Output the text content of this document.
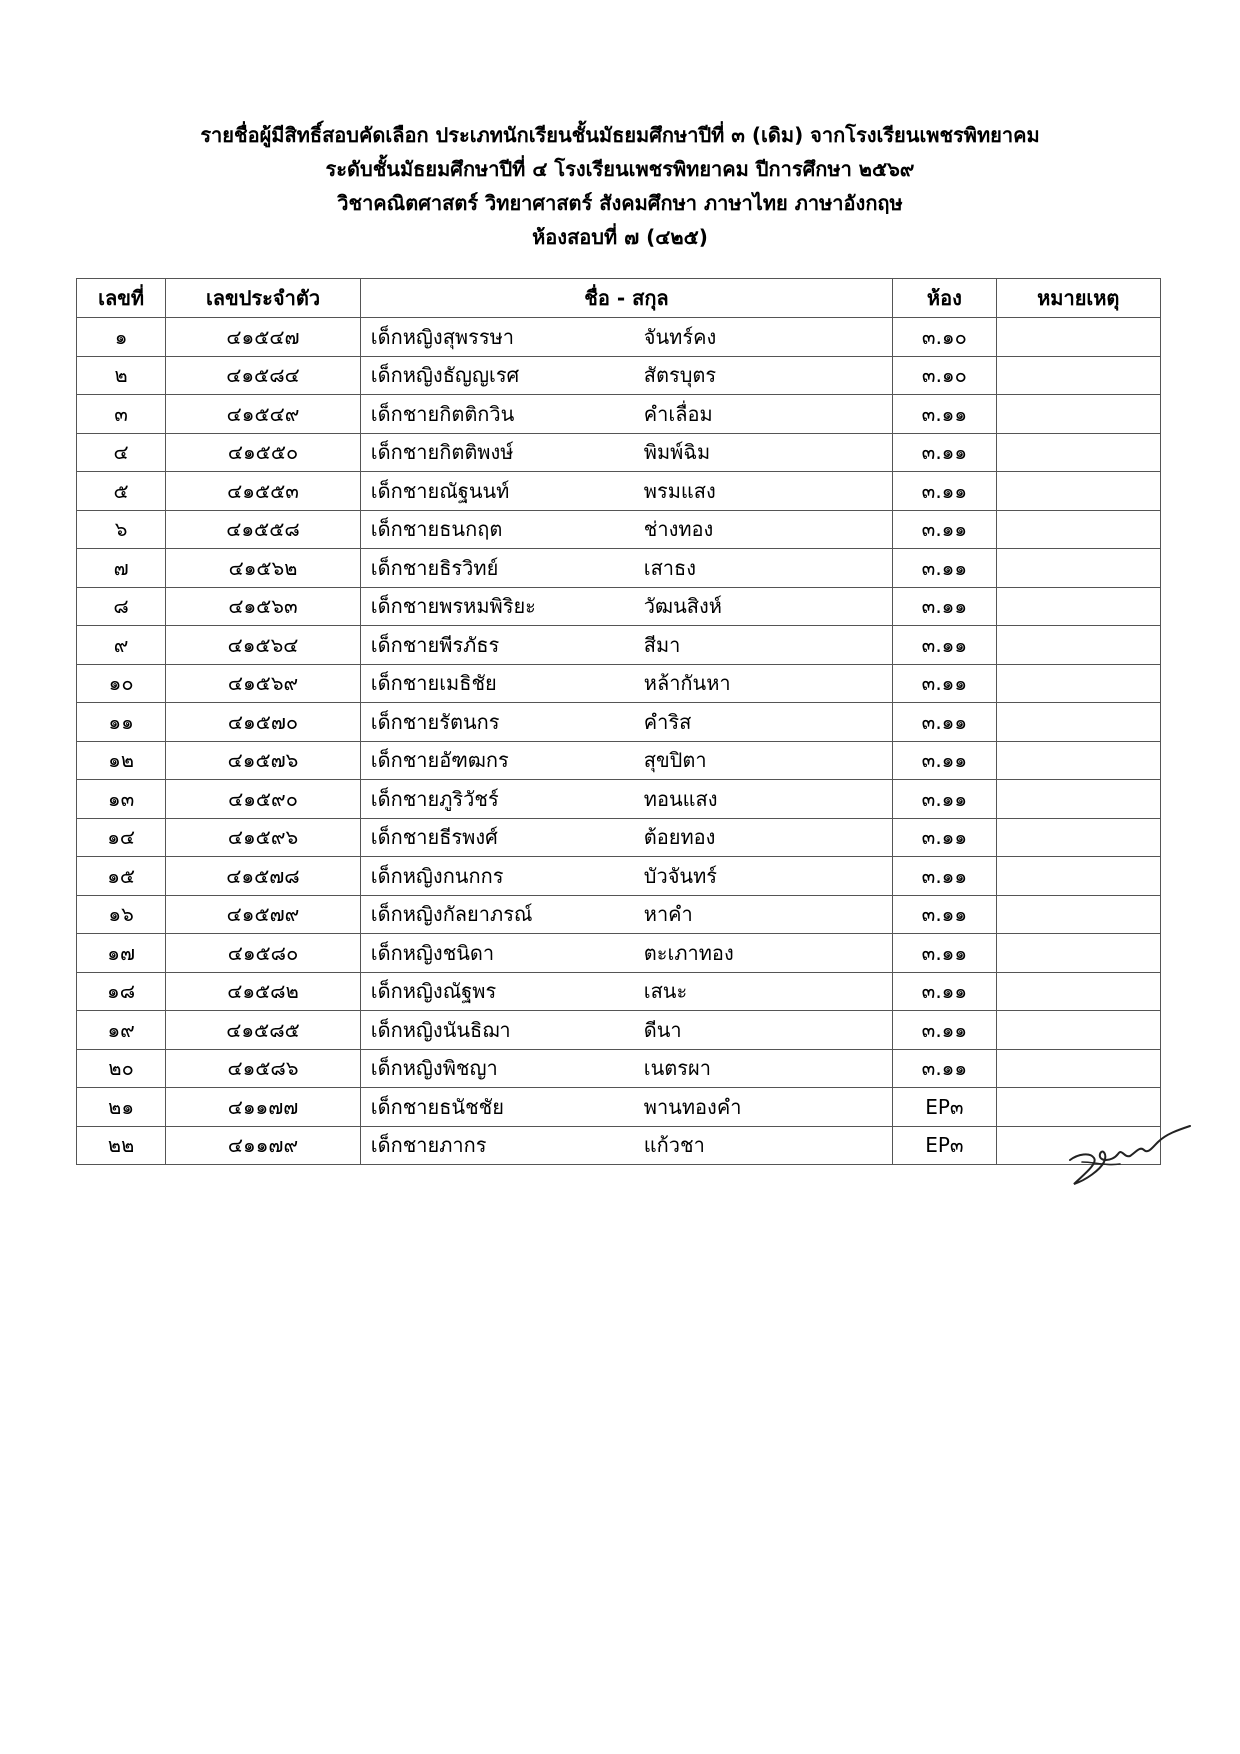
รายชื่อผู้มีสิทธิ์สอบคัดเลือก ประเภทนักเรียนชั้นมัธยมศึกษาปีที่ ๓ (เดิม) จากโรงเรียนเพชรพิทยาคม
ระดับชั้นมัธยมศึกษาปีที่ ๔ โรงเรียนเพชรพิทยาคม ปีการศึกษา ๒๕๖๙
วิชาคณิตศาสตร์ วิทยาศาสตร์ สังคมศึกษา ภาษาไทย ภาษาอังกฤษ
ห้องสอบที่ ๗ (๔๒๕)
เลขที่	เลขประจำตัว	ชื่อ - สกุล	ห้อง	หมายเหตุ
๑	๔๑๕๔๗	เด็กหญิงสุพรรษา จันทร์คง	๓.๑๐	
๒	๔๑๕๘๔	เด็กหญิงธัญญเรศ สัตรบุตร	๓.๑๐	
๓	๔๑๕๔๙	เด็กชายกิตติกวิน คำเลื่อม	๓.๑๑	
๔	๔๑๕๕๐	เด็กชายกิตติพงษ์ พิมพ์ฉิม	๓.๑๑	
๕	๔๑๕๕๓	เด็กชายณัฐนนท์ พรมแสง	๓.๑๑	
๖	๔๑๕๕๘	เด็กชายธนกฤต ช่างทอง	๓.๑๑	
๗	๔๑๕๖๒	เด็กชายธิรวิทย์ เสาธง	๓.๑๑	
๘	๔๑๕๖๓	เด็กชายพรหมพิริยะ วัฒนสิงห์	๓.๑๑	
๙	๔๑๕๖๔	เด็กชายพีรภัธร สีมา	๓.๑๑	
๑๐	๔๑๕๖๙	เด็กชายเมธิชัย หล้ากันหา	๓.๑๑	
๑๑	๔๑๕๗๐	เด็กชายรัตนกร คำริส	๓.๑๑	
๑๒	๔๑๕๗๖	เด็กชายอัฑฒกร สุขปิตา	๓.๑๑	
๑๓	๔๑๕๙๐	เด็กชายภูริวัชร์ ทอนแสง	๓.๑๑	
๑๔	๔๑๕๙๖	เด็กชายธีรพงศ์ ต้อยทอง	๓.๑๑	
๑๕	๔๑๕๗๘	เด็กหญิงกนกกร บัวจันทร์	๓.๑๑	
๑๖	๔๑๕๗๙	เด็กหญิงกัลยาภรณ์ หาคำ	๓.๑๑	
๑๗	๔๑๕๘๐	เด็กหญิงชนิดา ตะเภาทอง	๓.๑๑	
๑๘	๔๑๕๘๒	เด็กหญิงณัฐพร เสนะ	๓.๑๑	
๑๙	๔๑๕๘๕	เด็กหญิงนันธิฌา ดีนา	๓.๑๑	
๒๐	๔๑๕๘๖	เด็กหญิงพิชญา เนตรผา	๓.๑๑	
๒๑	๔๑๑๗๗	เด็กชายธนัชชัย พานทองคำ	EP๓	
๒๒	๔๑๑๗๙	เด็กชายภากร แก้วชา	EP๓	
